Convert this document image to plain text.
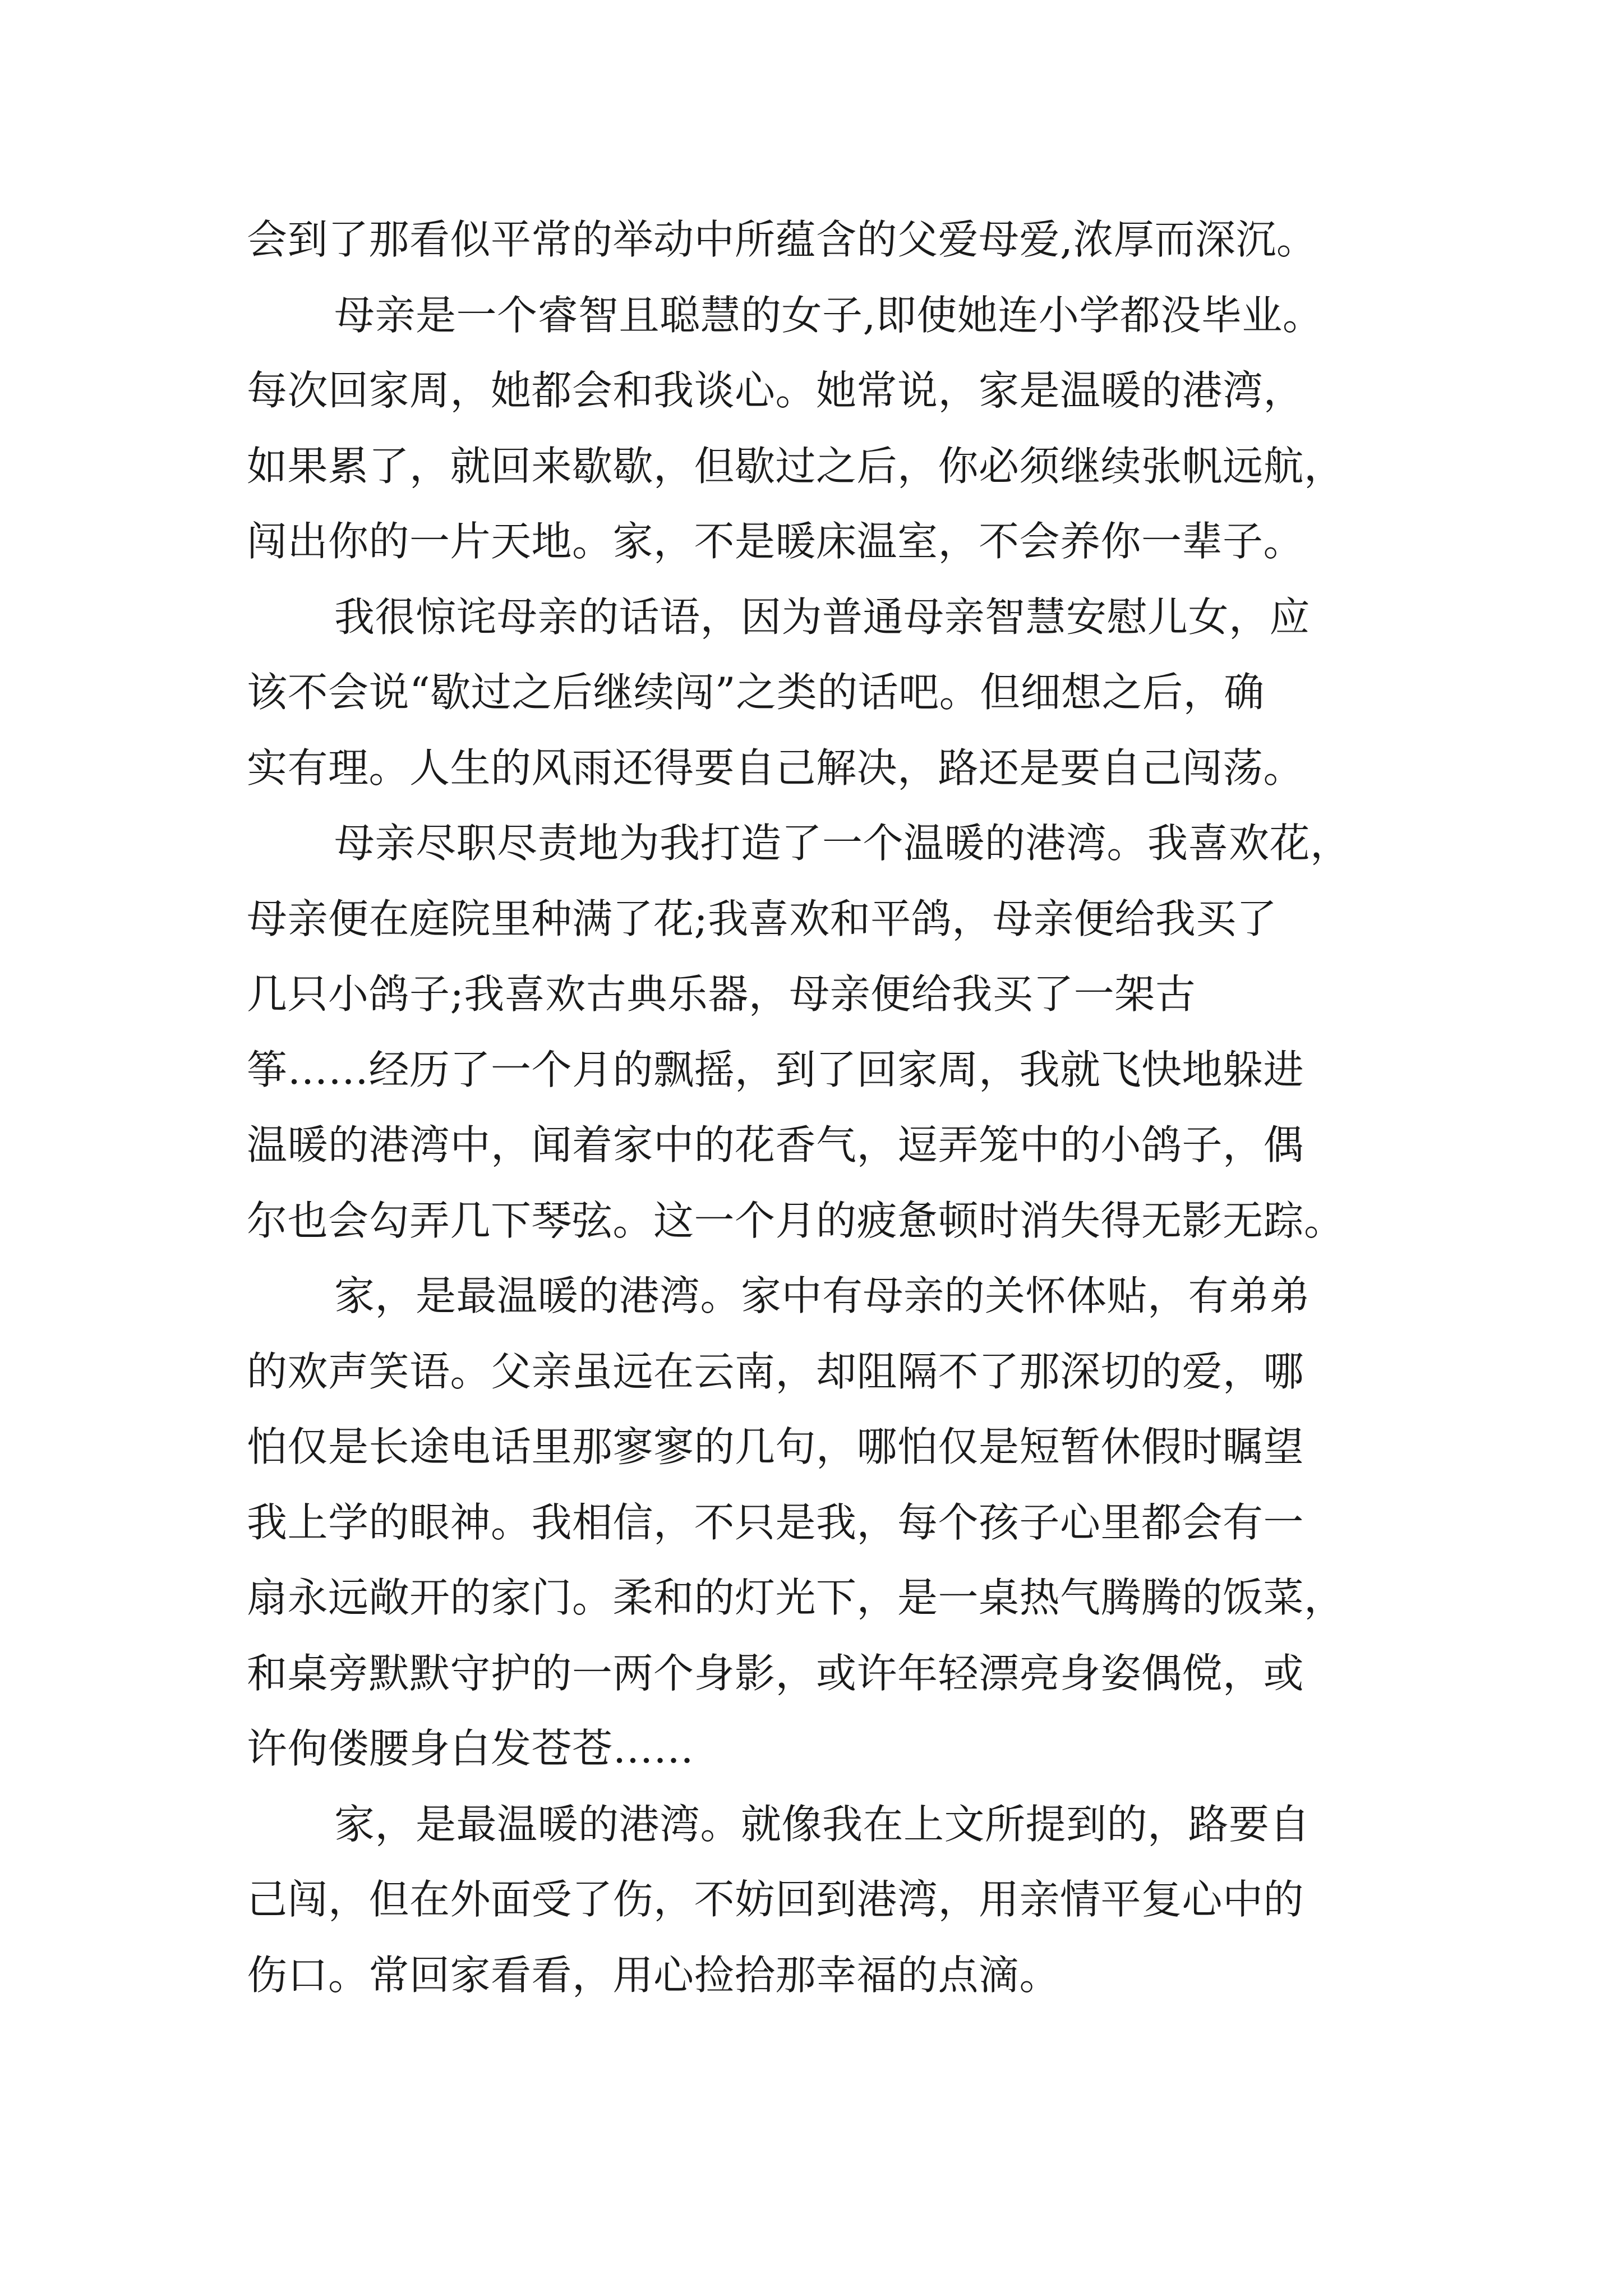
会到了那看似平常的举动中所蕴含的父爱母爱,浓厚而深沉。
母亲是一个睿智且聪慧的女子,即使她连小学都没毕业。
每次回家周，她都会和我谈心。她常说，家是温暖的港湾，
如果累了，就回来歇歇，但歇过之后，你必须继续张帆远航，
闯出你的一片天地。家，不是暖床温室，不会养你一辈子。
我很惊诧母亲的话语，因为普通母亲智慧安慰儿女，应
该不会说“歇过之后继续闯”之类的话吧。但细想之后，确
实有理。人生的风雨还得要自己解决，路还是要自己闯荡。
母亲尽职尽责地为我打造了一个温暖的港湾。我喜欢花，
母亲便在庭院里种满了花;我喜欢和平鸽，母亲便给我买了
几只小鸽子;我喜欢古典乐器，母亲便给我买了一架古
筝……经历了一个月的飘摇，到了回家周，我就飞快地躲进
温暖的港湾中，闻着家中的花香气，逗弄笼中的小鸽子，偶
尔也会勾弄几下琴弦。这一个月的疲惫顿时消失得无影无踪。
家，是最温暖的港湾。家中有母亲的关怀体贴，有弟弟
的欢声笑语。父亲虽远在云南，却阻隔不了那深切的爱，哪
怕仅是长途电话里那寥寥的几句，哪怕仅是短暂休假时瞩望
我上学的眼神。我相信，不只是我，每个孩子心里都会有一
扇永远敞开的家门。柔和的灯光下，是一桌热气腾腾的饭菜，
和桌旁默默守护的一两个身影，或许年轻漂亮身姿偶傥，或
许佝偻腰身白发苍苍……
家，是最温暖的港湾。就像我在上文所提到的，路要自
己闯，但在外面受了伤，不妨回到港湾，用亲情平复心中的
伤口。常回家看看，用心捡拾那幸福的点滴。
